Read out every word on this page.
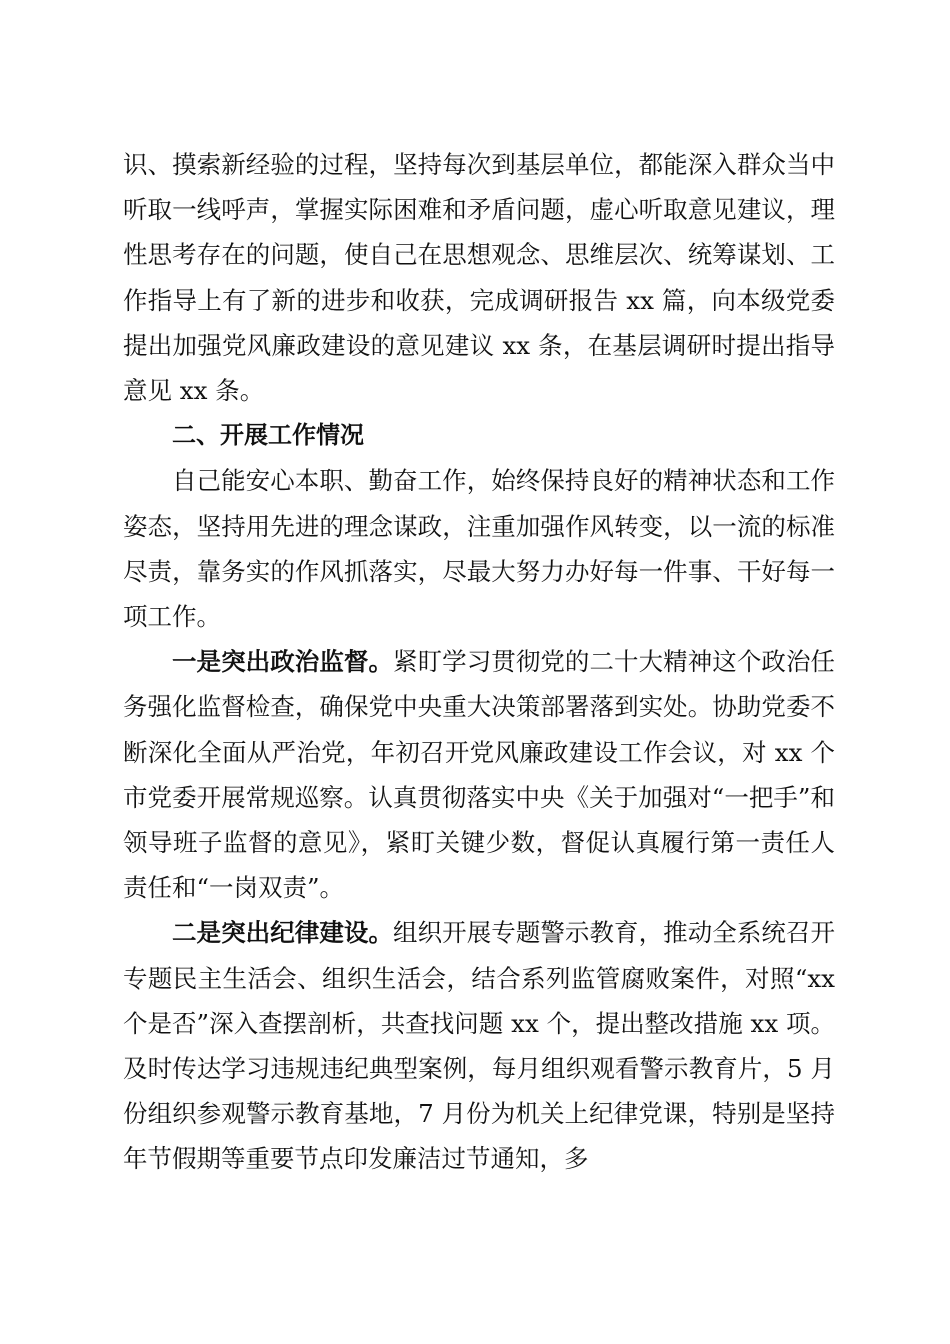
识、摸索新经验的过程，坚持每次到基层单位，都能深入群众当中听取一线呼声，掌握实际困难和矛盾问题，虚心听取意见建议，理性思考存在的问题，使自己在思想观念、思维层次、统筹谋划、工作指导上有了新的进步和收获，完成调研报告 xx 篇，向本级党委提出加强党风廉政建设的意见建议 xx 条，在基层调研时提出指导意见 xx 条。

二、开展工作情况

自己能安心本职、勤奋工作，始终保持良好的精神状态和工作姿态，坚持用先进的理念谋政，注重加强作风转变，以一流的标准尽责，靠务实的作风抓落实，尽最大努力办好每一件事、干好每一项工作。

一是突出政治监督。紧盯学习贯彻党的二十大精神这个政治任务强化监督检查，确保党中央重大决策部署落到实处。协助党委不断深化全面从严治党，年初召开党风廉政建设工作会议，对 xx 个市党委开展常规巡察。认真贯彻落实中央《关于加强对“一把手”和领导班子监督的意见》，紧盯关键少数，督促认真履行第一责任人责任和“一岗双责”。

二是突出纪律建设。组织开展专题警示教育，推动全系统召开专题民主生活会、组织生活会，结合系列监管腐败案件，对照“xx 个是否”深入查摆剖析，共查找问题 xx 个，提出整改措施 xx 项。及时传达学习违规违纪典型案例，每月组织观看警示教育片，5 月份组织参观警示教育基地，7 月份为机关上纪律党课，特别是坚持年节假期等重要节点印发廉洁过节通知，多
